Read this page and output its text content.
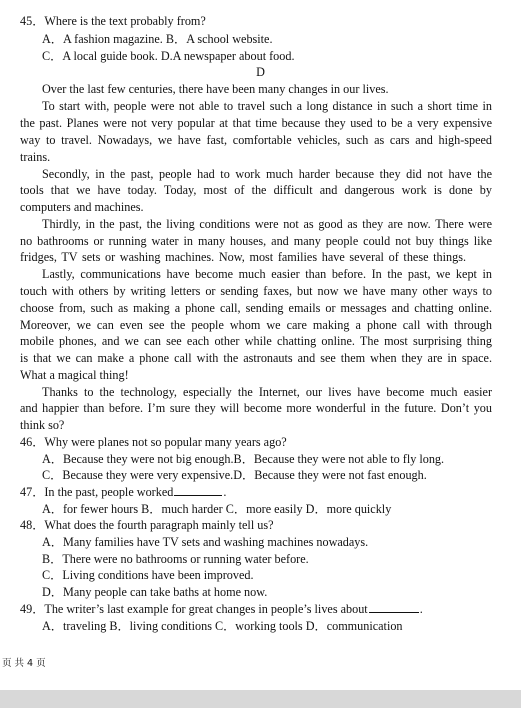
45．Where is the text probably from?
A．A fashion magazine. B．A school website.
C．A local guide book. D.A newspaper about food.
D
Over the last few centuries, there have been many changes in our lives.
To start with, people were not able to travel such a long distance in such a short time in
the past. Planes were not very popular at that time because they used to be a very expensive
way to travel. Nowadays, we have fast, comfortable vehicles, such as cars and high-speed
trains.
Secondly, in the past, people had to work much harder because they did not have the
tools that we have today. Today, most of the difficult and dangerous work is done by
computers and machines.
Thirdly, in the past, the living conditions were not as good as they are now. There were
no bathrooms or running water in many houses, and many people could not buy things like
fridges, TV sets or washing machines. Now, most families have several of these things.
Lastly, communications have become much easier than before. In the past, we kept in
touch with others by writing letters or sending faxes, but now we have many other ways to
choose from, such as making a phone call, sending emails or messages and chatting online.
Moreover, we can even see the people whom we care making a phone call with through
mobile phones, and we can see each other while chatting online. The most surprising thing
is that we can make a phone call with the astronauts and see them when they are in space.
What a magical thing!
Thanks to the technology, especially the Internet, our lives have become much easier
and happier than before. I’m sure they will become more wonderful in the future. Don’t you
think so?
46．Why were planes not so popular many years ago?
A．Because they were not big enough.B．Because they were not able to fly long.
C．Because they were very expensive.D．Because they were not fast enough.
47．In the past, people worked	.
A．for fewer hours B．much harder C．more easily D．more quickly
48．What does the fourth paragraph mainly tell us?
A．Many families have TV sets and washing machines nowadays.
B．There were no bathrooms or running water before.
C．Living conditions have been improved.
D．Many people can take baths at home now.
49．The writer’s last example for great changes in people’s lives about	.
A．traveling B．living conditions C．working tools D．communication
页 共 4 页
